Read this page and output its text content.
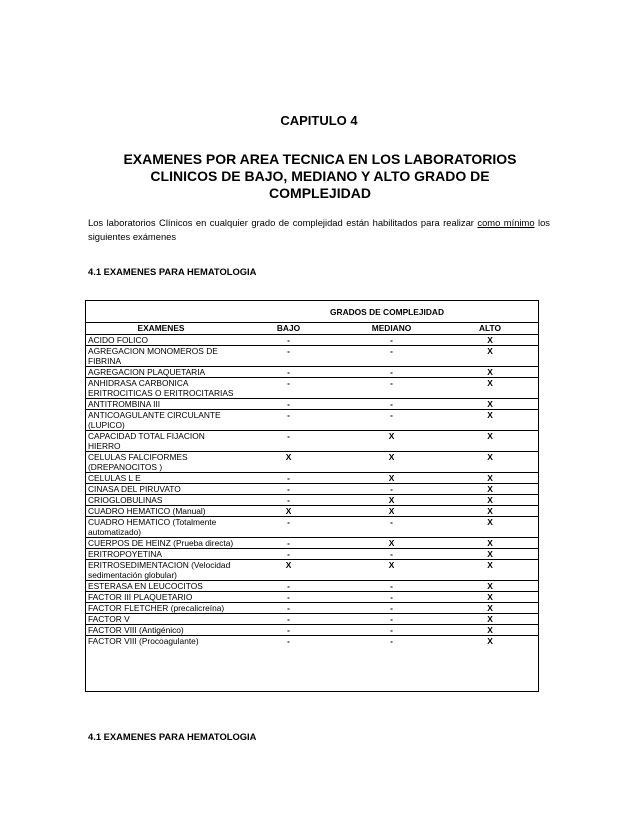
CAPITULO 4
EXAMENES POR AREA TECNICA EN LOS LABORATORIOS
CLINICOS DE BAJO, MEDIANO Y ALTO GRADO DE
COMPLEJIDAD
Los laboratorios Clínicos en cualquier grado de complejidad están habilitados para realizar como mínimo los siguientes exámenes
4.1 EXAMENES PARA HEMATOLOGIA
	GRADOS DE COMPLEJIDAD		
EXAMENES	BAJO	MEDIANO	ALTO
ACIDO FOLICO	-	-	X
AGREGACION MONOMEROS DE FIBRINA	-	-	X
AGREGACION PLAQUETARIA	-	-	X
ANHIDRASA CARBONICA ERITROCITICAS O ERITROCITARIAS	-	-	X
ANTITROMBINA III	-	-	X
ANTICOAGULANTE CIRCULANTE (LUPICO)	-	-	X
CAPACIDAD TOTAL FIJACION HIERRO	-	X	X
CELULAS FALCIFORMES (DREPANOCITOS )	X	X	X
CELULAS L E	-	X	X
CINASA DEL PIRUVATO	-	-	X
CRIOGLOBULINAS	-	X	X
CUADRO HEMATICO (Manual)	X	X	X
CUADRO HEMATICO (Totalmente automatizado)	-	-	X
CUERPOS DE HEINZ (Prueba directa)	-	X	X
ERITROPOYETINA	-	-	X
ERITROSEDIMENTACION (Velocidad sedimentación globular)	X	X	X
ESTERASA EN LEUCOCITOS	-	-	X
FACTOR III PLAQUETARIO	-	-	X
FACTOR FLETCHER (precalicreína)	-	-	X
FACTOR V	-	-	X
FACTOR VIII (Antigénico)	-	-	X
FACTOR VIII (Procoagulante)	-	-	X
4.1 EXAMENES PARA HEMATOLOGIA
